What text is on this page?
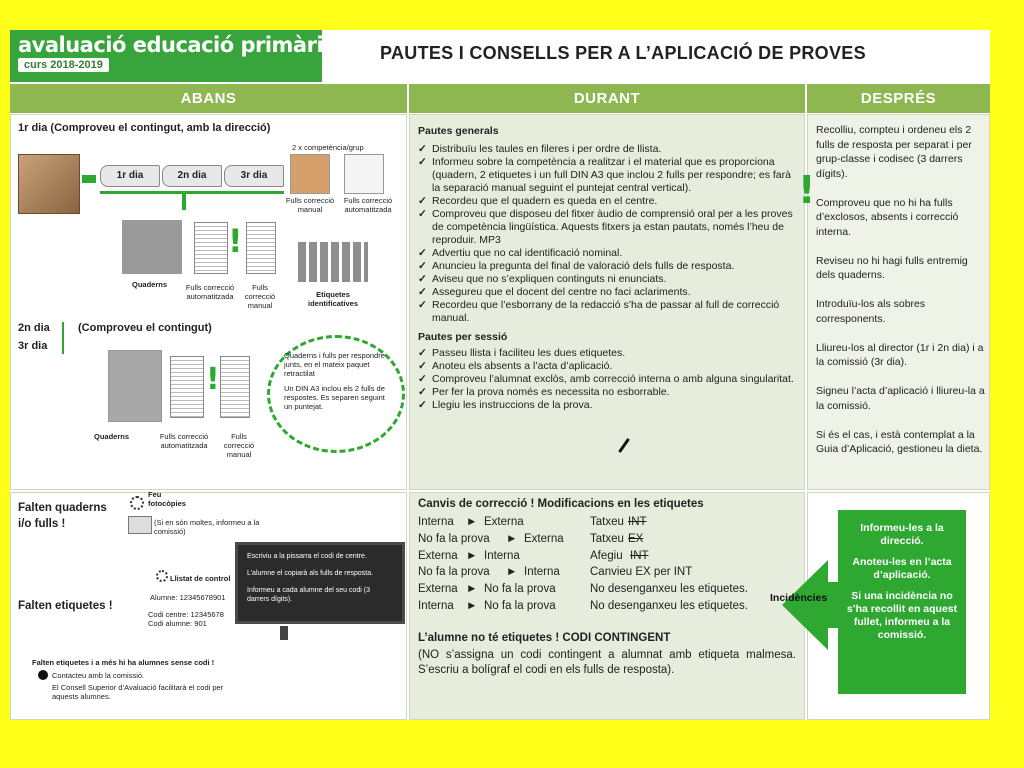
avaluació educació primària
curs 2018-2019
PAUTES I CONSELLS PER A L’APLICACIÓ DE PROVES
ABANS	DURANT	DESPRÉS

Recolliu, compteu i ordeneu els 2 fulls de resposta per separat i per grup-classe i codisec (3 darrers dígits).

Comproveu que no hi ha fulls d’exclosos, absents i correcció interna.

Reviseu no hi hagi fulls entremig dels quaderns.

Introduïu-los als sobres corresponents.

Lliureu-los al director (1r i 2n dia) i a la comissió (3r dia).

Signeu l’acta d’aplicació i lliureu-la a la comissió.

Si és el cas, i està contemplat a la Guia d’Aplicació, gestioneu la dieta.

1r dia (Comproveu el contingut, amb la direcció)
1r dia	2n dia	3r dia
2 x competència/grup
Fulls correcció manual
Fulls correcció automatitzada
!
Quaderns	Fulls correcció automatitzada
Fulls correcció manual
Etiquetes identificatives
2n dia	(Comproveu el contingut)
3r dia
!
Quaderns	Fulls correcció automatitzada
Fulls correcció manual
Quaderns i fulls per respondre junts, en el mateix paquet retractilat
Un DIN A3 inclou els 2 fulls de respostes. Es separen seguint un puntejat.
Pautes generals
✓ Distribuïu les taules en fileres i per ordre de llista.
✓ Informeu sobre la competència a realitzar i el material que es proporciona (quadern, 2 etiquetes i un full DIN A3 que inclou 2 fulls per respondre; es farà la separació manual seguint el puntejat central vertical).
✓ Recordeu que el quadern es queda en el centre.
✓ Comproveu que disposeu del fitxer àudio de comprensió oral per a les proves de competència lingüística. Aquests fitxers ja estan pautats, només l’heu de reproduir. MP3
✓ Advertiu que no cal identificació nominal.
✓ Anuncieu la pregunta del final de valoració dels fulls de resposta.
✓ Aviseu que no s’expliquen continguts ni enunciats.
✓ Assegureu que el docent del centre no faci aclariments.
✓ Recordeu que l’esborrany de la redacció s’ha de passar al full de correcció manual.
Pautes per sessió
✓ Passeu llista i faciliteu les dues etiquetes.
✓ Anoteu els absents a l’acta d’aplicació.
✓ Comproveu l’alumnat exclòs, amb correcció interna o amb alguna singularitat.
✓ Per fer la prova només es necessita no esborrable.
✓ Llegiu les instruccions de la prova.
!
Falten quaderns i/o fulls !
Feu fotocòpies
(Si en són moltes, informeu a la comissió)
Llistat de control
Alumne: 12345678901
Codi centre: 12345678
Codi alumne: 901
Falten etiquetes !
Escriviu a la pissarra el codi de centre.
L’alumne el copiarà als fulls de resposta.
Informeu a cada alumne del seu codi (3 darrers dígits).
Falten etiquetes i a més hi ha alumnes sense codi !
Contacteu amb la comissió.
El Consell Superior d’Avaluació facilitarà el codi per aquests alumnes.
Canvis de correcció ! Modificacions en les etiquetes
Interna ► Externa	Tatxeu INT
No fa la prova ► Externa Tatxeu EX
Externa ► Interna	Afegiu INT
No fa la prova ► Interna	Canvieu EX per INT
Externa ► No fa la prova	No desenganxeu les etiquetes.
Interna ► No fa la prova	No desenganxeu les etiquetes.
L’alumne no té etiquetes ! CODI CONTINGENT
(NO s’assigna un codi contingent a alumnat amb etiqueta malmesa. S’escriu a bolígraf el codi en els fulls de resposta).
Incidències

Informeu-les a la direcció.

Anoteu-les en l’acta d’aplicació.

Si una incidència no s’ha recollit en aquest fullet, informeu a la comissió.
